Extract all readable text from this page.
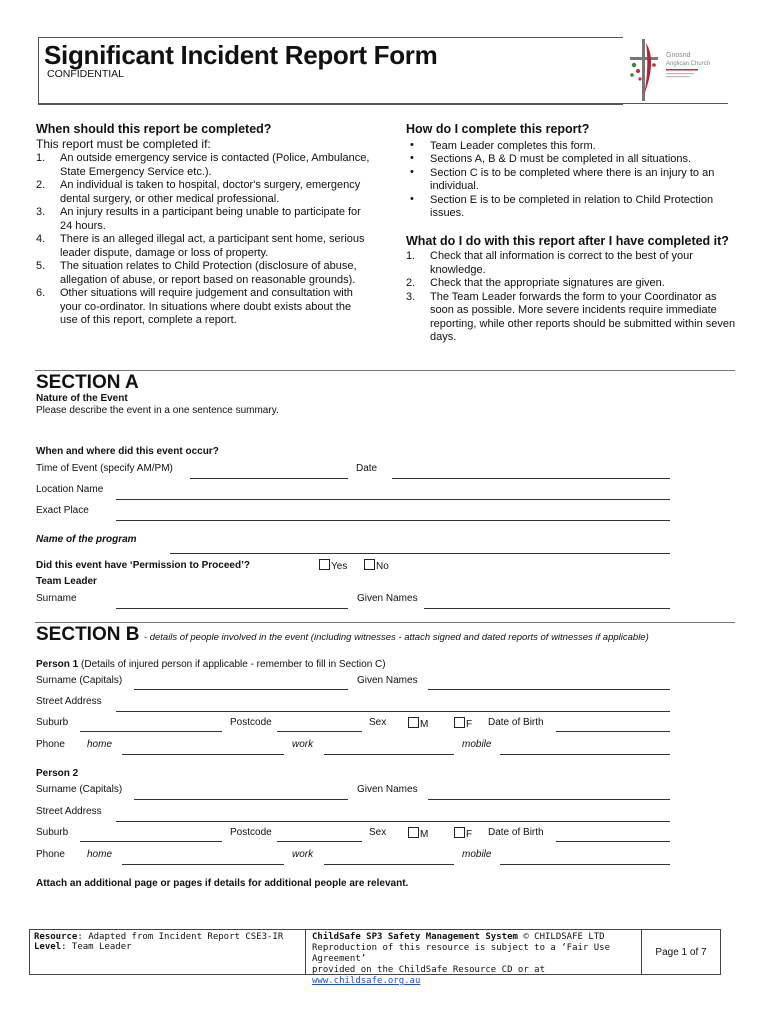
Significant Incident Report Form
CONFIDENTIAL
Gnosnd
Anglican Church
When should this report be completed?
This report must be completed if:
1. An outside emergency service is contacted (Police, Ambulance, State Emergency Service etc.).
2. An individual is taken to hospital, doctor's surgery, emergency dental surgery, or other medical professional.
3. An injury results in a participant being unable to participate for 24 hours.
4. There is an alleged illegal act, a participant sent home, serious leader dispute, damage or loss of property.
5. The situation relates to Child Protection (disclosure of abuse, allegation of abuse, or report based on reasonable grounds).
6. Other situations will require judgement and consultation with your co-ordinator. In situations where doubt exists about the use of this report, complete a report.
How do I complete this report?
• Team Leader completes this form.
• Sections A, B & D must be completed in all situations.
• Section C is to be completed where there is an injury to an individual.
• Section E is to be completed in relation to Child Protection issues.
What do I do with this report after I have completed it?
1. Check that all information is correct to the best of your knowledge.
2. Check that the appropriate signatures are given.
3. The Team Leader forwards the form to your Coordinator as soon as possible. More severe incidents require immediate reporting, while other reports should be submitted within seven days.
SECTION A
Nature of the Event
Please describe the event in a one sentence summary.
When and where did this event occur?
Time of Event (specify AM/PM)	Date
Location Name
Exact Place
Name of the program
Did this event have ‘Permission to Proceed’?	Yes	No
Team Leader
Surname	Given Names
SECTION B - details of people involved in the event (including witnesses - attach signed and dated reports of witnesses if applicable)
Person 1 (Details of injured person if applicable - remember to fill in Section C)
Surname (Capitals)	Given Names
Street Address
Suburb	Postcode	Sex	M	F Date of Birth
Phone home	work	mobile
Person 2
Surname (Capitals)	Given Names
Street Address
Suburb	Postcode	Sex	M	F Date of Birth
Phone home	work	mobile
Attach an additional page or pages if details for additional people are relevant.
Resource: Adapted from Incident Report CSE3-IR
Level: Team Leader
ChildSafe SP3 Safety Management System © CHILDSAFE LTD
Reproduction of this resource is subject to a ‘Fair Use Agreement’
provided on the ChildSafe Resource CD or at www.childsafe.org.au
Page 1 of 7
